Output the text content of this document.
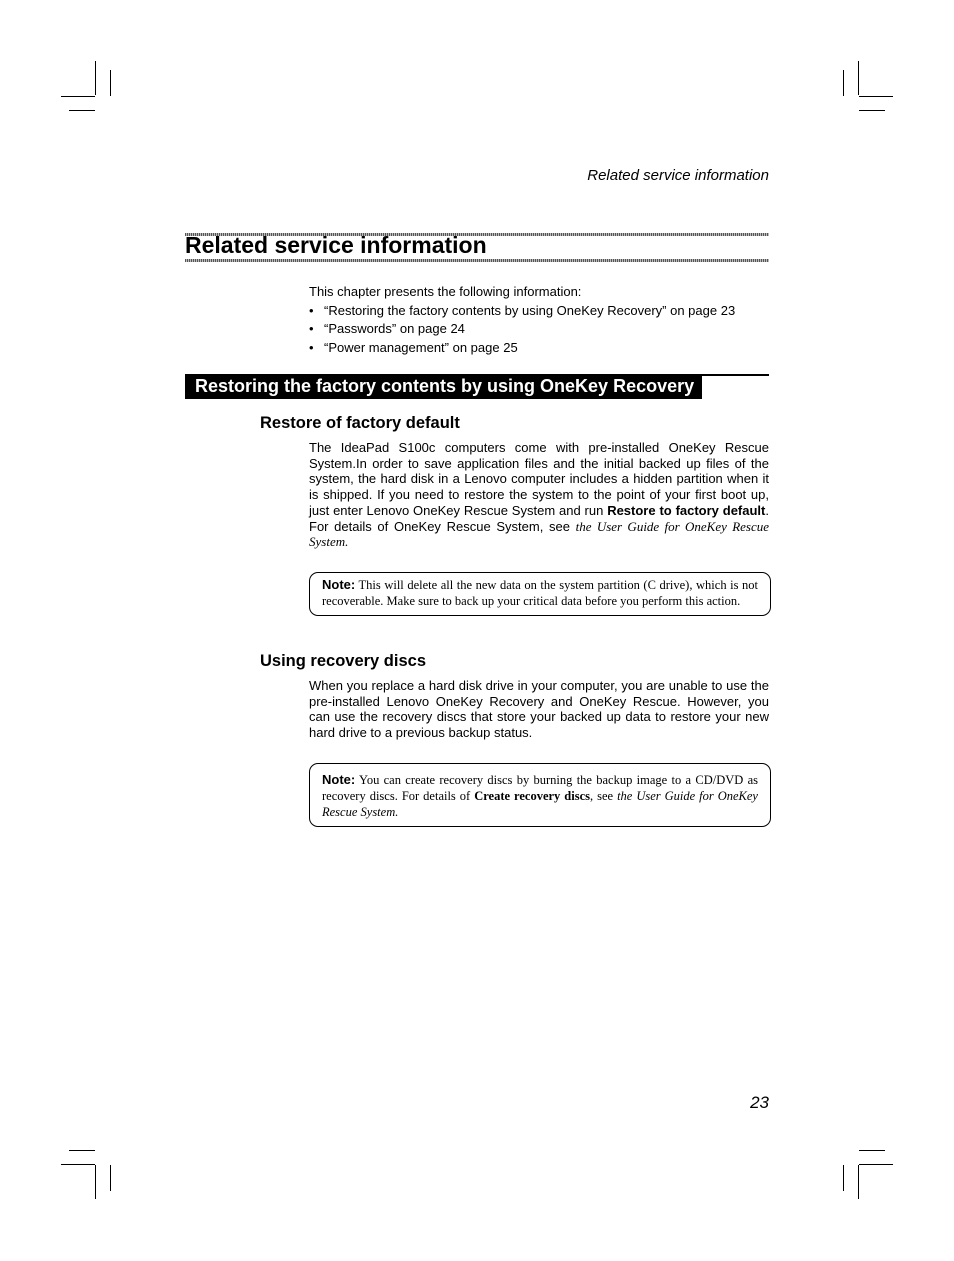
Related service information
Related service information
This chapter presents the following information:
• “Restoring the factory contents by using OneKey Recovery” on page 23
• “Passwords” on page 24
• “Power management” on page 25
Restoring the factory contents by using OneKey Recovery
Restore of factory default
The IdeaPad S100c computers come with pre-installed OneKey Rescue System.In order to save application files and the initial backed up files of the system, the hard disk in a Lenovo computer includes a hidden partition when it is shipped. If you need to restore the system to the point of your first boot up, just enter Lenovo OneKey Rescue System and run Restore to factory default. For details of OneKey Rescue System, see the User Guide for OneKey Rescue System.
Note: This will delete all the new data on the system partition (C drive), which is not recoverable. Make sure to back up your critical data before you perform this action.
Using recovery discs
When you replace a hard disk drive in your computer, you are unable to use the pre-installed Lenovo OneKey Recovery and OneKey Rescue. However, you can use the recovery discs that store your backed up data to restore your new hard drive to a previous backup status.
Note: You can create recovery discs by burning the backup image to a CD/DVD as recovery discs. For details of Create recovery discs, see the User Guide for OneKey Rescue System.
23
